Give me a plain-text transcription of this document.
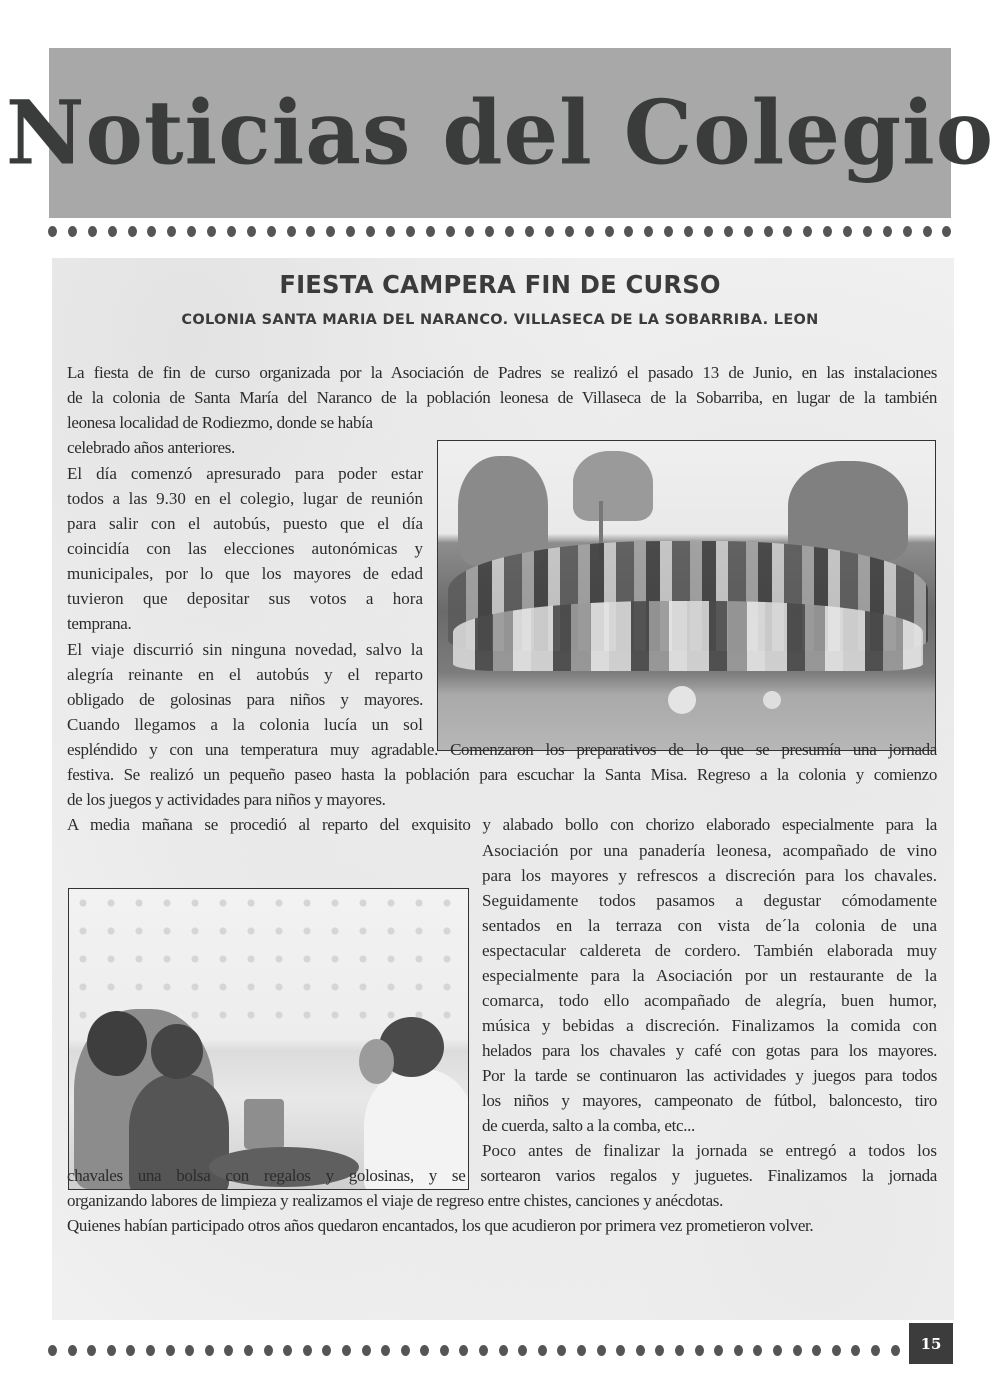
Noticias del Colegio
FIESTA CAMPERA FIN DE CURSO
COLONIA SANTA MARIA DEL NARANCO. VILLASECA DE LA SOBARRIBA. LEON
La fiesta de fin de curso organizada por la Asociación de Padres se realizó el pasado 13 de Junio, en las instalaciones
de la colonia de Santa María del Naranco de la población leonesa de Villaseca de la Sobarriba, en lugar de la también
leonesa localidad de Rodiezmo, donde se había
celebrado años anteriores.
El día comenzó apresurado para poder estar
todos a las 9.30 en el colegio, lugar de reunión
para salir con el autobús, puesto que el día
coincidía con las elecciones autonómicas y
municipales, por lo que los mayores de edad
tuvieron que depositar sus votos a hora
temprana.
El viaje discurrió sin ninguna novedad, salvo la
alegría reinante en el autobús y el reparto
obligado de golosinas para niños y mayores.
Cuando llegamos a la colonia lucía un sol
espléndido y con una temperatura muy agradable. Comenzaron los preparativos de lo que se presumía una jornada
festiva. Se realizó un pequeño paseo hasta la población para escuchar la Santa Misa. Regreso a la colonia y comienzo
de los juegos y actividades para niños y mayores.
A media mañana se procedió al reparto del exquisito y alabado bollo con chorizo elaborado especialmente para la
Asociación por una panadería leonesa, acompañado de vino
para los mayores y refrescos a discreción para los chavales.
Seguidamente todos pasamos a degustar cómodamente
sentados en la terraza con vista de´la colonia de una
espectacular caldereta de cordero. También elaborada muy
especialmente para la Asociación por un restaurante de la
comarca, todo ello acompañado de alegría, buen humor,
música y bebidas a discreción. Finalizamos la comida con
helados para los chavales y café con gotas para los mayores.
Por la tarde se continuaron las actividades y juegos para todos
los niños y mayores, campeonato de fútbol, baloncesto, tiro
de cuerda, salto a la comba, etc...
Poco antes de finalizar la jornada se entregó a todos los
chavales una bolsa con regalos y golosinas, y se sortearon varios regalos y juguetes. Finalizamos la jornada
organizando labores de limpieza y realizamos el viaje de regreso entre chistes, canciones y anécdotas.
Quienes habían participado otros años quedaron encantados, los que acudieron por primera vez prometieron volver.
15
